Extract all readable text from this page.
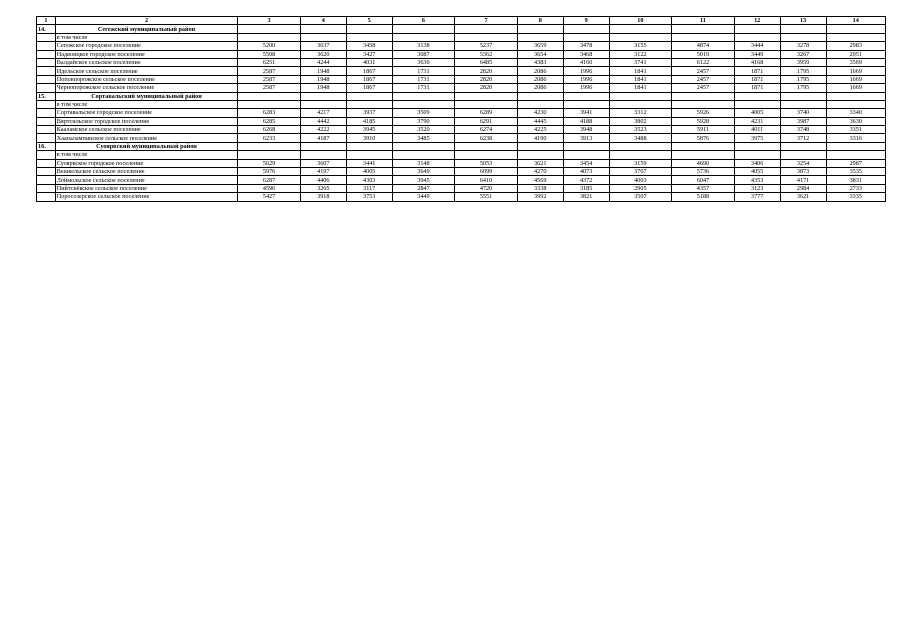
1	2	3	4	5	6	7	8	9	10	11	12	13	14
14.	Сегежский муниципальный район												
	в том числе												
	Сегежское городское поселение	5200	3637	3458	3138	5237	3659	3478	3155	4874	3444	3278	2983
	Надвоицкое городское поселение	5508	3620	3427	3087	5362	3654	3468	3122	5019	3449	3267	2951
	Валдайское сельское поселение	6251	4244	4031	3630	6485	4383	4160	3741	6122	4168	3959	3569
	Идельское сельское поселение	2587	1948	1867	1731	2820	2086	1996	1841	2457	1871	1795	1669
	Поповпорожское сельское поселение	2587	1948	1867	1731	2820	2086	1996	1841	2457	1871	1795	1669
	Чернопорожское сельское поселение	2587	1948	1867	1731	2820	2086	1996	1841	2457	1871	1795	1669
15.	Сортавальский муниципальный район												
	в том числе												
	Сортавальское городское поселение	6283	4217	3937	3509	6289	4230	3941	3312	5926	4005	3740	3340
	Вяртсильское городское поселение	6285	4442	4185	3790	6291	4445	4188	3802	5928	4231	3987	3630
	Кааламское сельское поселение	6268	4222	3945	3520	6274	4225	3948	3523	5911	4011	3748	3351
	Хаапалампинское сельское поселение	6233	4187	3910	3485	6238	4190	3913	3488	5876	3975	3712	3316
16.	Суоярвский муниципальный район												
	в том числе												
	Суоярвское городское поселение	5029	3607	3441	3148	5053	3621	3454	3159	4690	3406	3254	2987
	Вешкельское сельское поселение	5976	4197	4005	3649	6099	4270	4073	3707	5736	4055	3873	3535
	Лоймольское сельское поселение	6287	4406	4303	3945	6410	4569	4372	4003	6047	4353	4171	3831
	Пийтсиёкское сельское поселение	4596	3265	3117	2847	4720	3338	3185	2905	4357	3123	2984	2733
	Поросозерское сельское поселение	5427	3918	3753	3449	5551	3992	3821	3507	5188	3777	3621	3335
